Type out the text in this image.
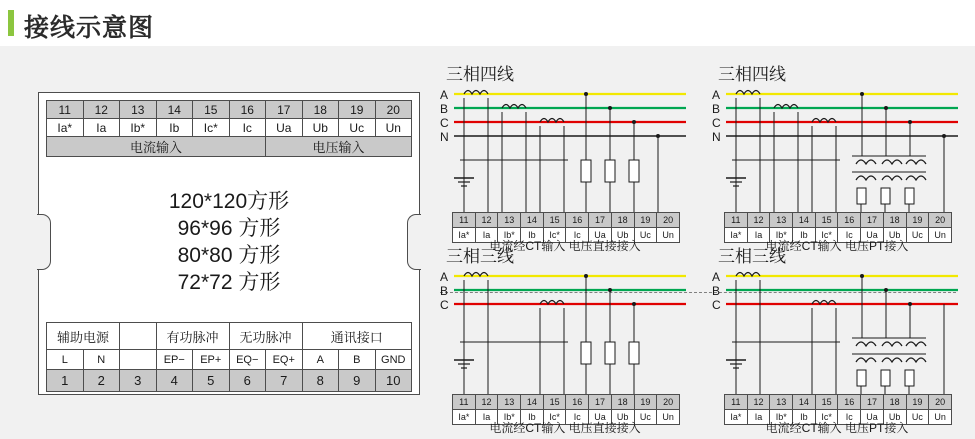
接线示意图
11	12	13	14	15	16	17	18	19	20
Ia*	Ia	Ib*	Ib	Ic*	Ic	Ua	Ub	Uc	Un
电流输入						电压输入			
120*120方形
96*96 方形
80*80 方形
72*72 方形
辅助电源			有功脉冲		无功脉冲		通讯接口		
L	N		EP−	EP+	EQ−	EQ+	A	B	GND
1	2	3	4	5	6	7	8	9	10
三相四线
A
B
C
N
11	12	13	14	15	16	17	18	19	20
Ia*	Ia	Ib*	Ib	Ic*	Ic	Ua	Ub	Uc	Un
电流经CT输入 电压直接接入
三相四线
A
B
C
N
11	12	13	14	15	16	17	18	19	20
Ia*	Ia	Ib*	Ib	Ic*	Ic	Ua	Ub	Uc	Un
电流经CT输入 电压PT接入
三相三线
A
B
C
11	12	13	14	15	16	17	18	19	20
Ia*	Ia	Ib*	Ib	Ic*	Ic	Ua	Ub	Uc	Un
电流经CT输入 电压直接接入
三相三线
A
B
C
11	12	13	14	15	16	17	18	19	20
Ia*	Ia	Ib*	Ib	Ic*	Ic	Ua	Ub	Uc	Un
电流经CT输入 电压PT接入
